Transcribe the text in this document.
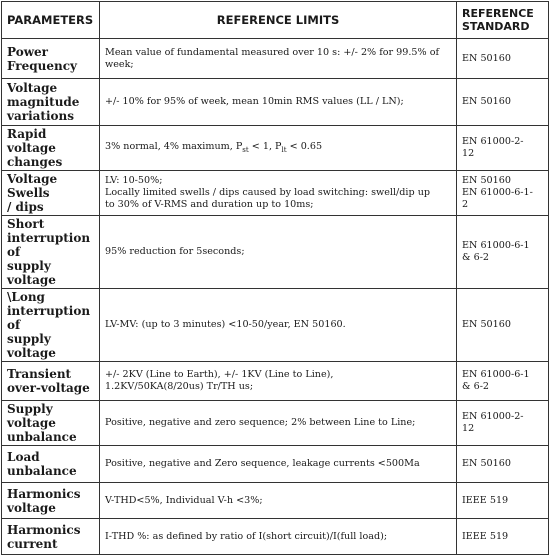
PARAMETERS	REFERENCE LIMITS	REFERENCE
STANDARD
Power
Frequency	Mean value of fundamental measured over 10 s: +/- 2% for 99.5% of week;	EN 50160
Voltage
magnitude
variations	+/- 10% for 95% of week, mean 10min RMS values (LL / LN);	EN 50160
Rapid voltage
changes	3% normal, 4% maximum, $P_{st} < 1$, $P_{lt} < 0.65$	EN 61000-2-
12
Voltage Swells
/ dips	LV: 10-50%;
Locally limited swells / dips caused by load switching: swell/dip up
to 30% of V-RMS and duration up to 10ms;	EN 50160
EN 61000-6-1-
2
Short
interruption of
supply voltage	95% reduction for 5seconds;	EN 61000-6-1
& 6-2
\Long
interruption of
supply voltage	LV-MV: (up to 3 minutes) <10-50/year, EN 50160.	EN 50160
Transient
over-voltage	+/- 2KV (Line to Earth), +/- 1KV (Line to Line),
1.2KV/50KA(8/20us) Tr/TH us;	EN 61000-6-1
& 6-2
Supply voltage
unbalance	Positive, negative and zero sequence; 2% between Line to Line;	EN 61000-2-
12
Load
unbalance	Positive, negative and Zero sequence, leakage currents <500Ma	EN 50160
Harmonics
voltage	V-THD<5%, Individual V-h <3%;	IEEE 519
Harmonics
current	I-THD %: as defined by ratio of I(short circuit)/I(full load);	IEEE 519
